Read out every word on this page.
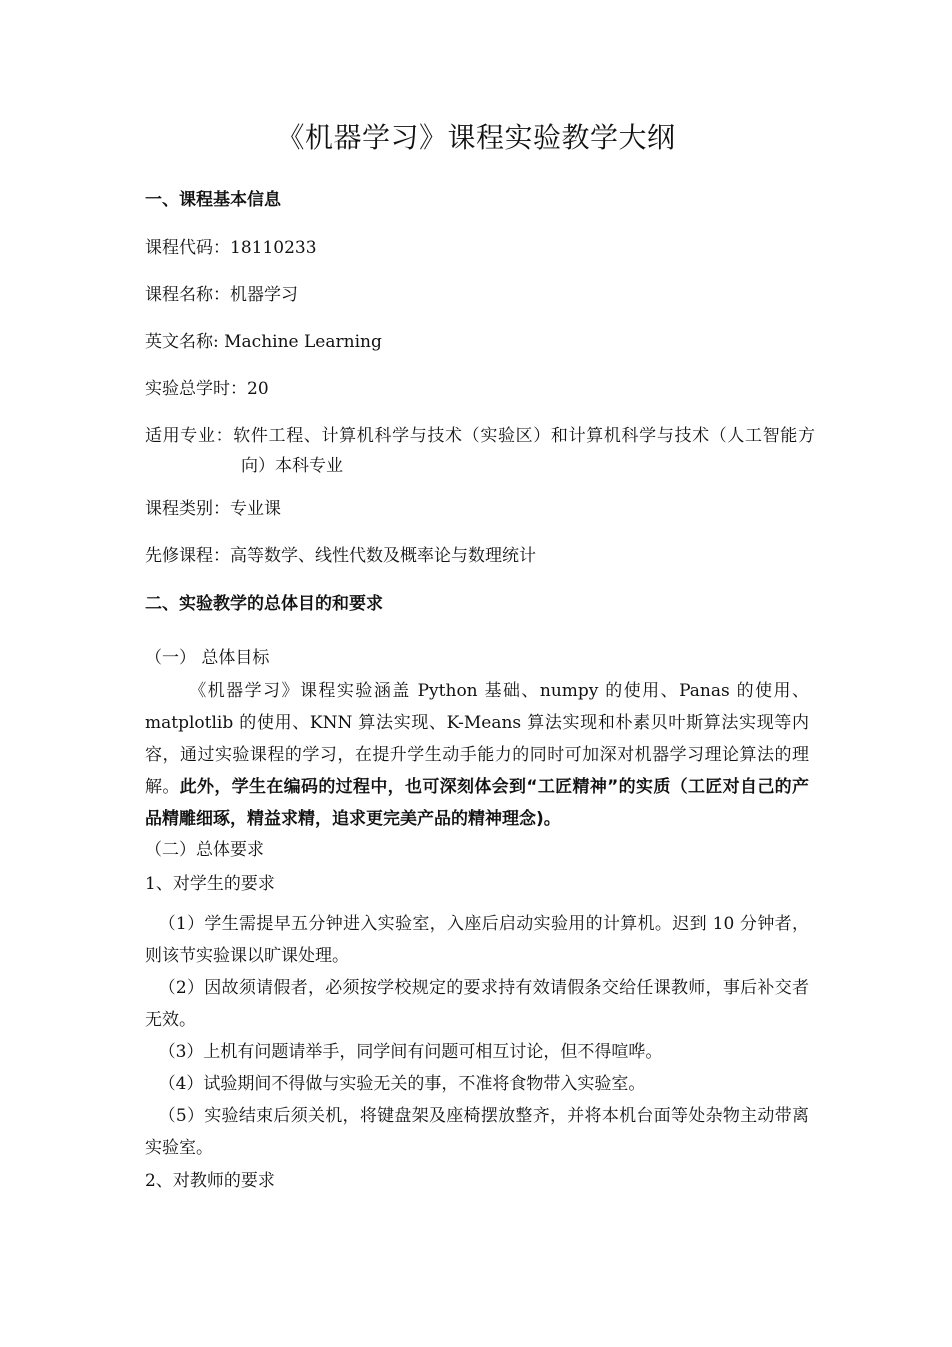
《机器学习》课程实验教学大纲
一、课程基本信息
课程代码：18110233
课程名称：机器学习
英文名称: Machine Learning
实验总学时：20
适用专业：软件工程、计算机科学与技术（实验区）和计算机科学与技术（人工智能方向）本科专业
课程类别：专业课
先修课程：高等数学、线性代数及概率论与数理统计
二、实验教学的总体目的和要求
（一） 总体目标
《机器学习》课程实验涵盖 Python 基础、numpy 的使用、Panas 的使用、matplotlib 的使用、KNN 算法实现、K-Means 算法实现和朴素贝叶斯算法实现等内容，通过实验课程的学习，在提升学生动手能力的同时可加深对机器学习理论算法的理解。此外，学生在编码的过程中，也可深刻体会到“工匠精神”的实质（工匠对自己的产品精雕细琢，精益求精，追求更完美产品的精神理念)。
（二）总体要求
1、对学生的要求
（1）学生需提早五分钟进入实验室，入座后启动实验用的计算机。迟到 10 分钟者，则该节实验课以旷课处理。
（2）因故须请假者，必须按学校规定的要求持有效请假条交给任课教师，事后补交者无效。
（3）上机有问题请举手，同学间有问题可相互讨论，但不得喧哗。
（4）试验期间不得做与实验无关的事，不准将食物带入实验室。
（5）实验结束后须关机，将键盘架及座椅摆放整齐，并将本机台面等处杂物主动带离实验室。
2、对教师的要求
